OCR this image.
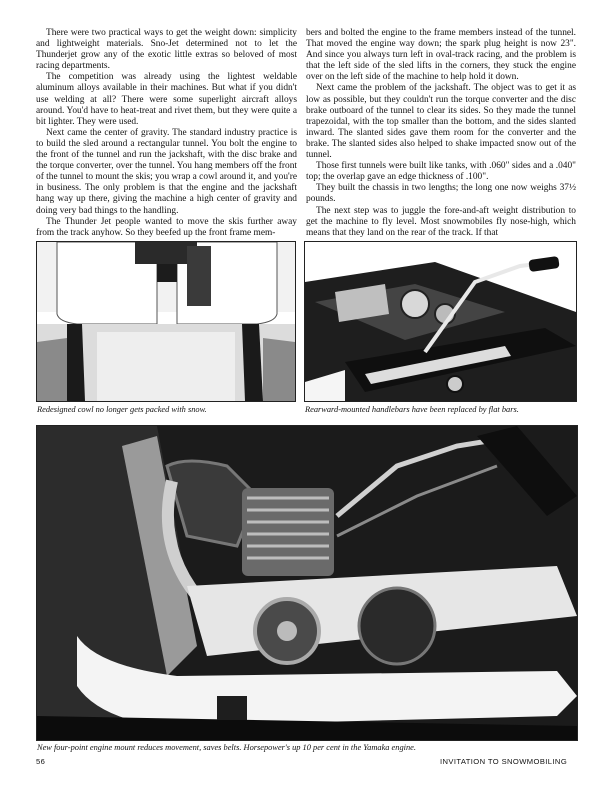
There were two practical ways to get the weight down: simplicity and lightweight materials. Sno-Jet determined not to let the Thunderjet grow any of the exotic little extras so beloved of most racing departments.

The competition was already using the lightest weldable aluminum alloys available in their machines. But what if you didn't use welding at all? There were some superlight aircraft alloys around. You'd have to heat-treat and rivet them, but they were quite a bit lighter. They were used.

Next came the center of gravity. The standard industry practice is to build the sled around a rectangular tunnel. You bolt the engine to the front of the tunnel and run the jackshaft, with the disc brake and the torque converter, over the tunnel. You hang members off the front of the tunnel to mount the skis; you wrap a cowl around it, and you're in business. The only problem is that the engine and the jackshaft hang way up there, giving the machine a high center of gravity and doing very bad things to the handling.

The Thunder Jet people wanted to move the skis further away from the track anyhow. So they beefed up the front frame mem-

bers and bolted the engine to the frame members instead of the tunnel. That moved the engine way down; the spark plug height is now 23". And since you always turn left in oval-track racing, and the problem is that the left side of the sled lifts in the corners, they stuck the engine over on the left side of the machine to help hold it down.

Next came the problem of the jackshaft. The object was to get it as low as possible, but they couldn't run the torque converter and the disc brake outboard of the tunnel to clear its sides. So they made the tunnel trapezoidal, with the top smaller than the bottom, and the sides slanted inward. The slanted sides gave them room for the converter and the brake. The slanted sides also helped to shake impacted snow out of the tunnel.

Those first tunnels were built like tanks, with .060" sides and a .040" top; the overlap gave an edge thickness of .100".

They built the chassis in two lengths; the long one now weighs 37½ pounds.

The next step was to juggle the fore-and-aft weight distribution to get the machine to fly level. Most snowmobiles fly nose-high, which means that they land on the rear of the track. If that

Redesigned cowl no longer gets packed with snow.	Rearward-mounted handlebars have been replaced by flat bars.
New four-point engine mount reduces movement, saves belts. Horsepower's up 10 per cent in the Yamaka engine.
56	INVITATION TO SNOWMOBILING
